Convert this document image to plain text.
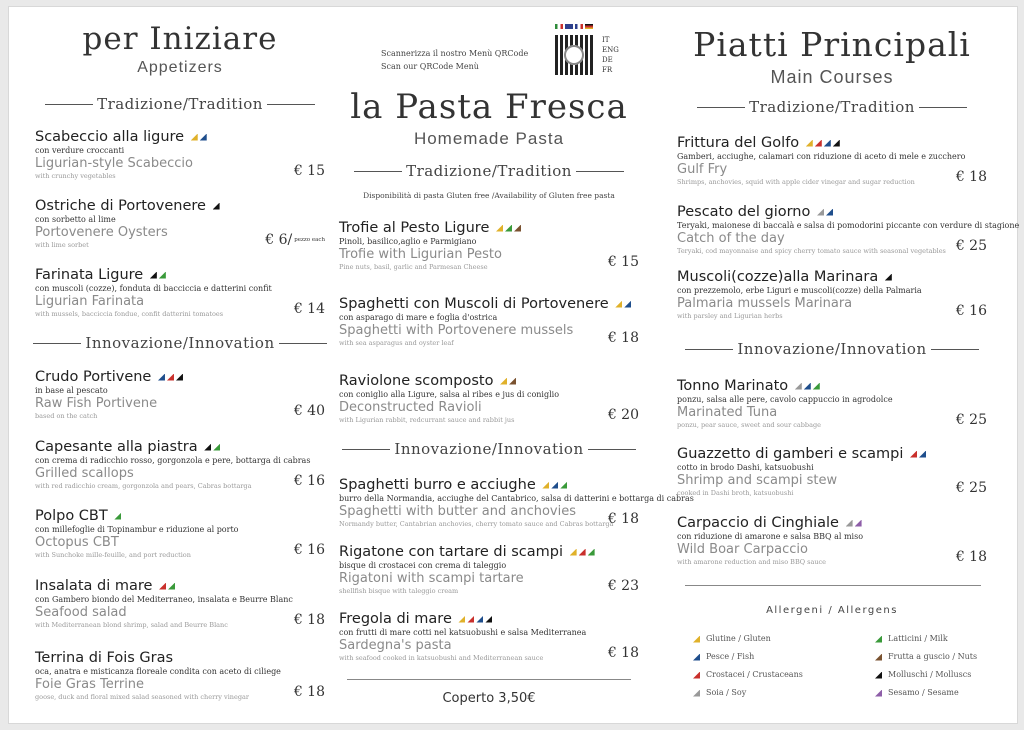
per Iniziare
Appetizers
Tradizione/Tradition
Scabeccio alla ligure
con verdure croccanti
Ligurian-style Scabeccio
with crunchy vegetables	€ 15
Ostriche di Portovenere
con sorbetto al lime
Portovenere Oysters
with lime sorbet	€ 6/ pezzo each
Farinata Ligure
con muscoli (cozze), fonduta di bacciccia e datterini confit
Ligurian Farinata
with mussels, bacciccia fondue, confit datterini tomatoes	€ 14
Innovazione/Innovation
Crudo Portivene
in base al pescato
Raw Fish Portivene
based on the catch	€ 40
Capesante alla piastra
con crema di radicchio rosso, gorgonzola e pere, bottarga di cabras
Grilled scallops
with red radicchio cream, gorgonzola and pears, Cabras bottarga	€ 16
Polpo CBT
con millefoglie di Topinambur e riduzione al porto
Octopus CBT
with Sunchoke mille-feuille, and port reduction	€ 16
Insalata di mare
con Gambero biondo del Mediterraneo, insalata e Beurre Blanc
Seafood salad
with Mediterranean blond shrimp, salad and Beurre Blanc	€ 18
Terrina di Fois Gras
oca, anatra e misticanza floreale condita con aceto di ciliege
Foie Gras Terrine
goose, duck and floral mixed salad seasoned with cherry vinegar	€ 18
Scannerizza il nostro Menù QRCode
Scan our QRCode Menù
IT
ENG
DE
FR
la Pasta Fresca
Homemade Pasta
Tradizione/Tradition
Disponibilità di pasta Gluten free /Availability of Gluten free pasta
Trofie al Pesto Ligure
Pinoli, basilico,aglio e Parmigiano
Trofie with Ligurian Pesto
Pine nuts, basil, garlic and Parmesan Cheese	€ 15
Spaghetti con Muscoli di Portovenere
con asparago di mare e foglia d'ostrica
Spaghetti with Portovenere mussels
with sea asparagus and oyster leaf	€ 18
Raviolone scomposto
con coniglio alla Ligure, salsa al ribes e jus di coniglio
Deconstructed Ravioli
with Ligurian rabbit, redcurrant sauce and rabbit jus	€ 20
Innovazione/Innovation
Spaghetti burro e acciughe
burro della Normandia, acciughe del Cantabrico, salsa di datterini e bottarga di cabras
Spaghetti with butter and anchovies
Normandy butter, Cantabrian anchovies, cherry tomato sauce and Cabras bottarga
€ 18
Rigatone con tartare di scampi
bisque di crostacei con crema di taleggio
Rigatoni with scampi tartare
shellfish bisque with taleggio cream	€ 23
Fregola di mare
con frutti di mare cotti nel katsuobushi e salsa Mediterranea
Sardegna's pasta
with seafood cooked in katsuobushi and Mediterranean sauce	€ 18
Coperto 3,50€
Piatti Principali
Main Courses
Tradizione/Tradition
Frittura del Golfo
Gamberi, acciughe, calamari con riduzione di aceto di mele e zucchero
Gulf Fry
Shrimps, anchovies, squid with apple cider vinegar and sugar reduction	€ 18
Pescato del giorno
Teryaki, maionese di baccalà e salsa di pomodorini piccante con verdure di stagione
Catch of the day
Teryaki, cod mayonnaise and spicy cherry tomato sauce with seasonal vegetables € 25
Muscoli(cozze)alla Marinara
con prezzemolo, erbe Liguri e muscoli(cozze) della Palmaria
Palmaria mussels Marinara
with parsley and Ligurian herbs	€ 16
Innovazione/Innovation
Tonno Marinato
ponzu, salsa alle pere, cavolo cappuccio in agrodolce
Marinated Tuna
ponzu, pear sauce, sweet and sour cabbage	€ 25
Guazzetto di gamberi e scampi
cotto in brodo Dashi, katsuobushi
Shrimp and scampi stew
cooked in Dashi broth, katsuobushi	€ 25
Carpaccio di Cinghiale
con riduzione di amarone e salsa BBQ al miso
Wild Boar Carpaccio
with amarone reduction and miso BBQ sauce	€ 18
Allergeni / Allergens
Glutine / Gluten	Latticini / Milk
Pesce / Fish	Frutta a guscio / Nuts
Crostacei / Crustaceans	Molluschi / Molluscs
Soia / Soy	Sesamo / Sesame
